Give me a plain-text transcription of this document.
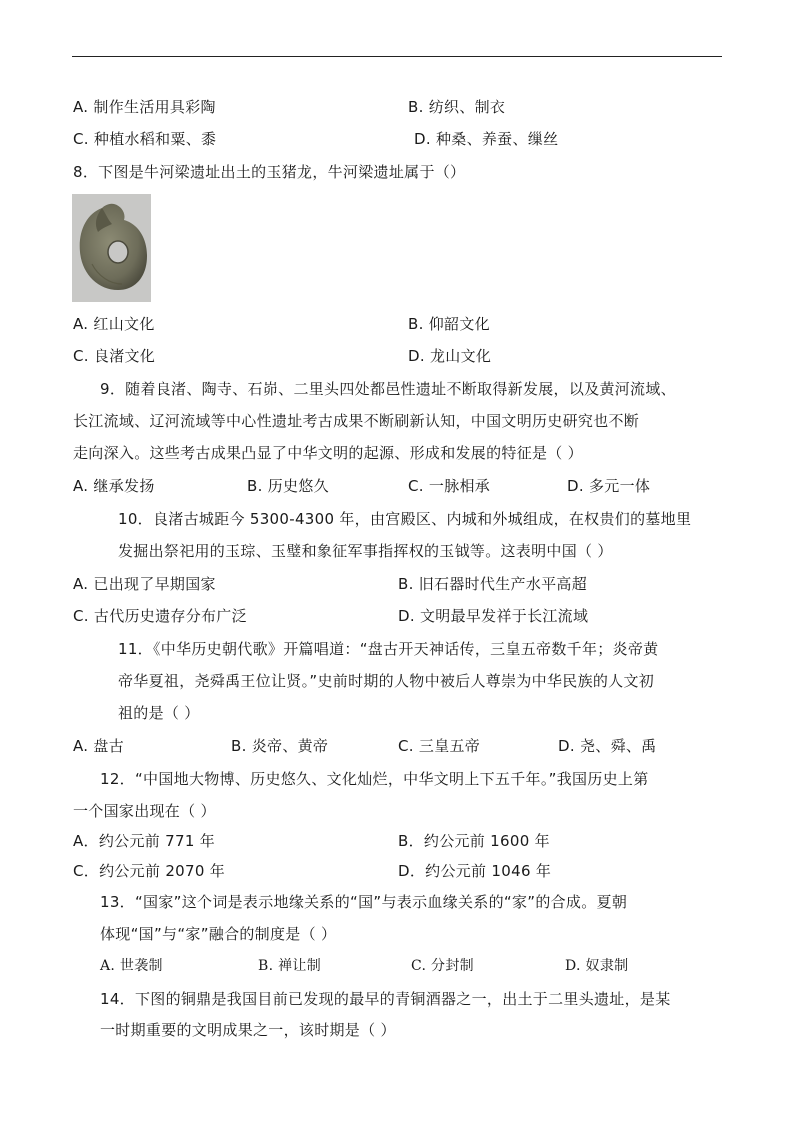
A. 制作生活用具彩陶	B. 纺织、制衣
C. 种植水稻和粟、黍	D. 种桑、养蚕、缫丝
8．下图是牛河梁遗址出土的玉猪龙，牛河梁遗址属于（）
A. 红山文化	B. 仰韶文化
C. 良渚文化	D. 龙山文化
9．随着良渚、陶寺、石峁、二里头四处都邑性遗址不断取得新发展，以及黄河流域、
长江流域、辽河流域等中心性遗址考古成果不断刷新认知，中国文明历史研究也不断
走向深入。这些考古成果凸显了中华文明的起源、形成和发展的特征是（ ）
A. 继承发扬	B. 历史悠久	C. 一脉相承	D. 多元一体
10．良渚古城距今 5300-4300 年，由宫殿区、内城和外城组成，在权贵们的墓地里
发掘出祭祀用的玉琮、玉璧和象征军事指挥权的玉钺等。这表明中国（ ）
A. 已出现了早期国家	B. 旧石器时代生产水平高超
C. 古代历史遗存分布广泛	D. 文明最早发祥于长江流域
11．《中华历史朝代歌》开篇唱道：“盘古开天神话传，三皇五帝数千年；炎帝黄
帝华夏祖，尧舜禹王位让贤。”史前时期的人物中被后人尊崇为中华民族的人文初
祖的是（ ）
A. 盘古	B. 炎帝、黄帝	C. 三皇五帝	D. 尧、舜、禹
12．“中国地大物博、历史悠久、文化灿烂，中华文明上下五千年。”我国历史上第
一个国家出现在（ ）
A．约公元前 771 年	B．约公元前 1600 年
C．约公元前 2070 年	D．约公元前 1046 年
13．“国家”这个词是表示地缘关系的“国”与表示血缘关系的“家”的合成。夏朝
体现“国”与“家”融合的制度是（ ）
A. 世袭制	B. 禅让制	C. 分封制	D. 奴隶制
14．下图的铜鼎是我国目前已发现的最早的青铜酒器之一，出土于二里头遗址，是某
一时期重要的文明成果之一，该时期是（ ）
